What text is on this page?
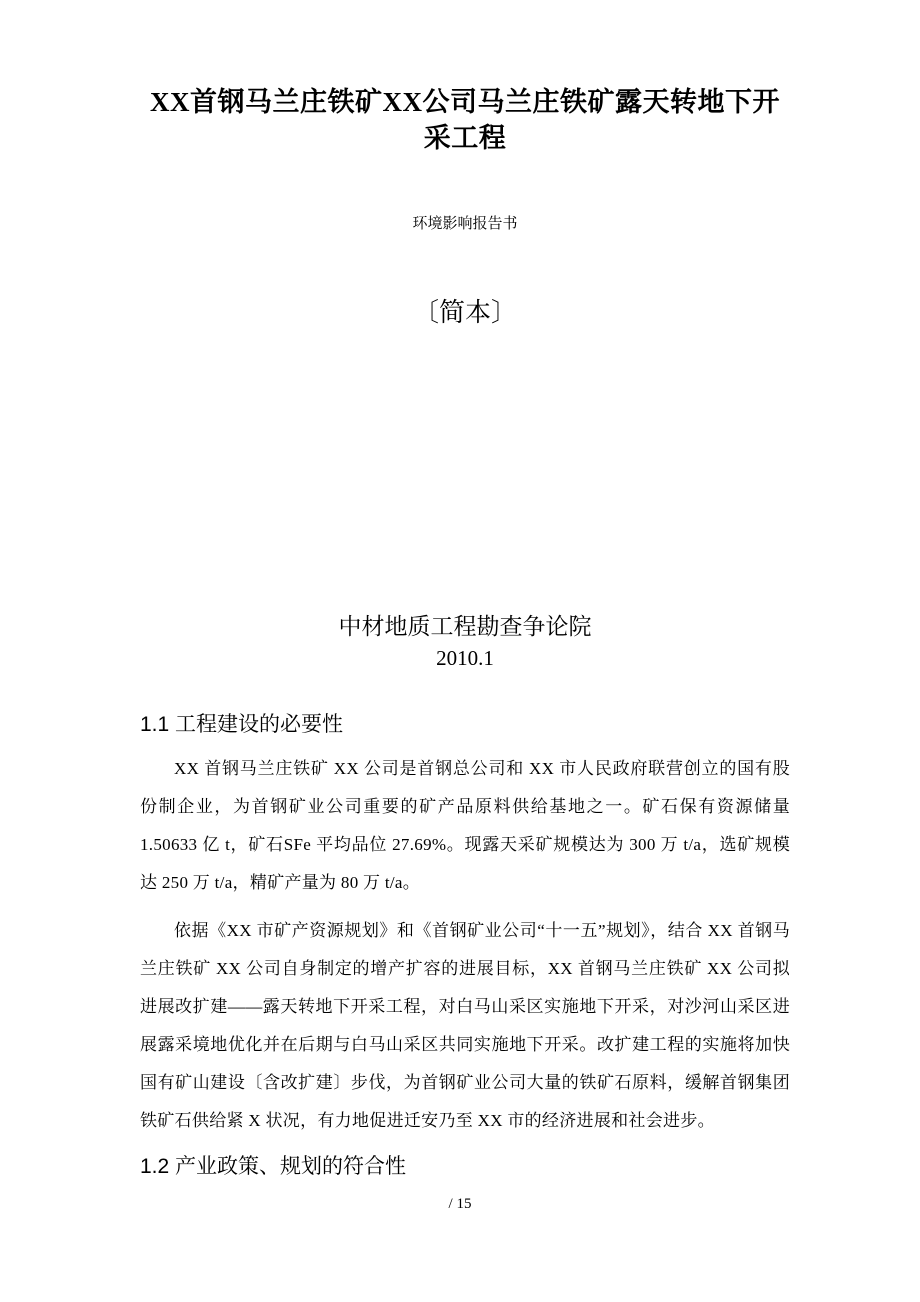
XX首钢马兰庄铁矿XX公司马兰庄铁矿露天转地下开采工程
环境影响报告书
〔简本〕
中材地质工程勘查争论院
2010.1
1.1 工程建设的必要性

XX 首钢马兰庄铁矿 XX 公司是首钢总公司和 XX 市人民政府联营创立的国有股份制企业，为首钢矿业公司重要的矿产品原料供给基地之一。矿石保有资源储量 1.50633 亿 t，矿石SFe 平均品位 27.69%。现露天采矿规模达为 300 万 t/a，选矿规模达 250 万 t/a，精矿产量为 80 万 t/a。

依据《XX 市矿产资源规划》和《首钢矿业公司“十一五”规划》，结合 XX 首钢马兰庄铁矿 XX 公司自身制定的增产扩容的进展目标，XX 首钢马兰庄铁矿 XX 公司拟进展改扩建——露天转地下开采工程，对白马山采区实施地下开采，对沙河山采区进展露采境地优化并在后期与白马山采区共同实施地下开采。改扩建工程的实施将加快国有矿山建设〔含改扩建〕步伐，为首钢矿业公司大量的铁矿石原料，缓解首钢集团铁矿石供给紧 X 状况，有力地促进迁安乃至 XX 市的经济进展和社会进步。

1.2 产业政策、规划的符合性
/ 15
